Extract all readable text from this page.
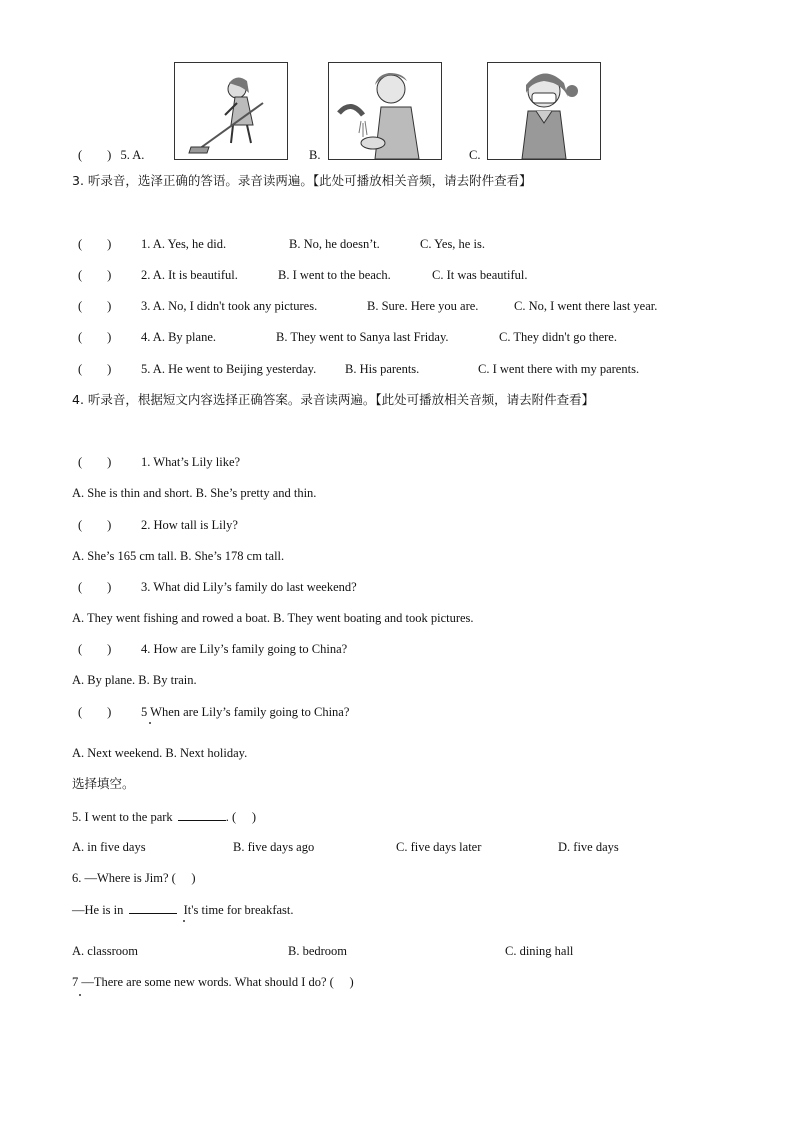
(　　) 5. A.	B.	C.
3. 听录音，选泽正确的答语。录音读两遍。【此处可播放相关音频，请去附件查看】
(　　) 1. A. Yes, he did.	B. No, he doesn’t.	C. Yes, he is.
(　　) 2. A. It is beautiful.	B. I went to the beach.	C. It was beautiful.
(　　) 3. A. No, I didn't took any pictures.	B. Sure. Here you are.	C. No, I went there last year.
(　　) 4. A. By plane.	B. They went to Sanya last Friday.	C. They didn't go there.
(　　) 5. A. He went to Beijing yesterday. B. His parents.	C. I went there with my parents.
4. 听录音，根据短文内容选择正确答案。录音读两遍。【此处可播放相关音频，请去附件查看】
(　　) 1. What’s Lily like?
A. She is thin and short. B. She’s pretty and thin.
(　　) 2. How tall is Lily?
A. She’s 165 cm tall. B. She’s 178 cm tall.
(　　) 3. What did Lily’s family do last weekend?
A. They went fishing and rowed a boat. B. They went boating and took pictures.
(　　) 4. How are Lily’s family going to China?
A. By plane. B. By train.
(　　) 5 When are Lily’s family going to China?
A. Next weekend. B. Next holiday.
选择填空。
5. I went to the park	. (　 )
A. in five days	B. five days ago	C. five days later	D. five days
6. —Where is Jim? (　 )
—He is in	It's time for breakfast.
A. classroom	B. bedroom	C. dining hall
7 —There are some new words. What should I do? (　 )
